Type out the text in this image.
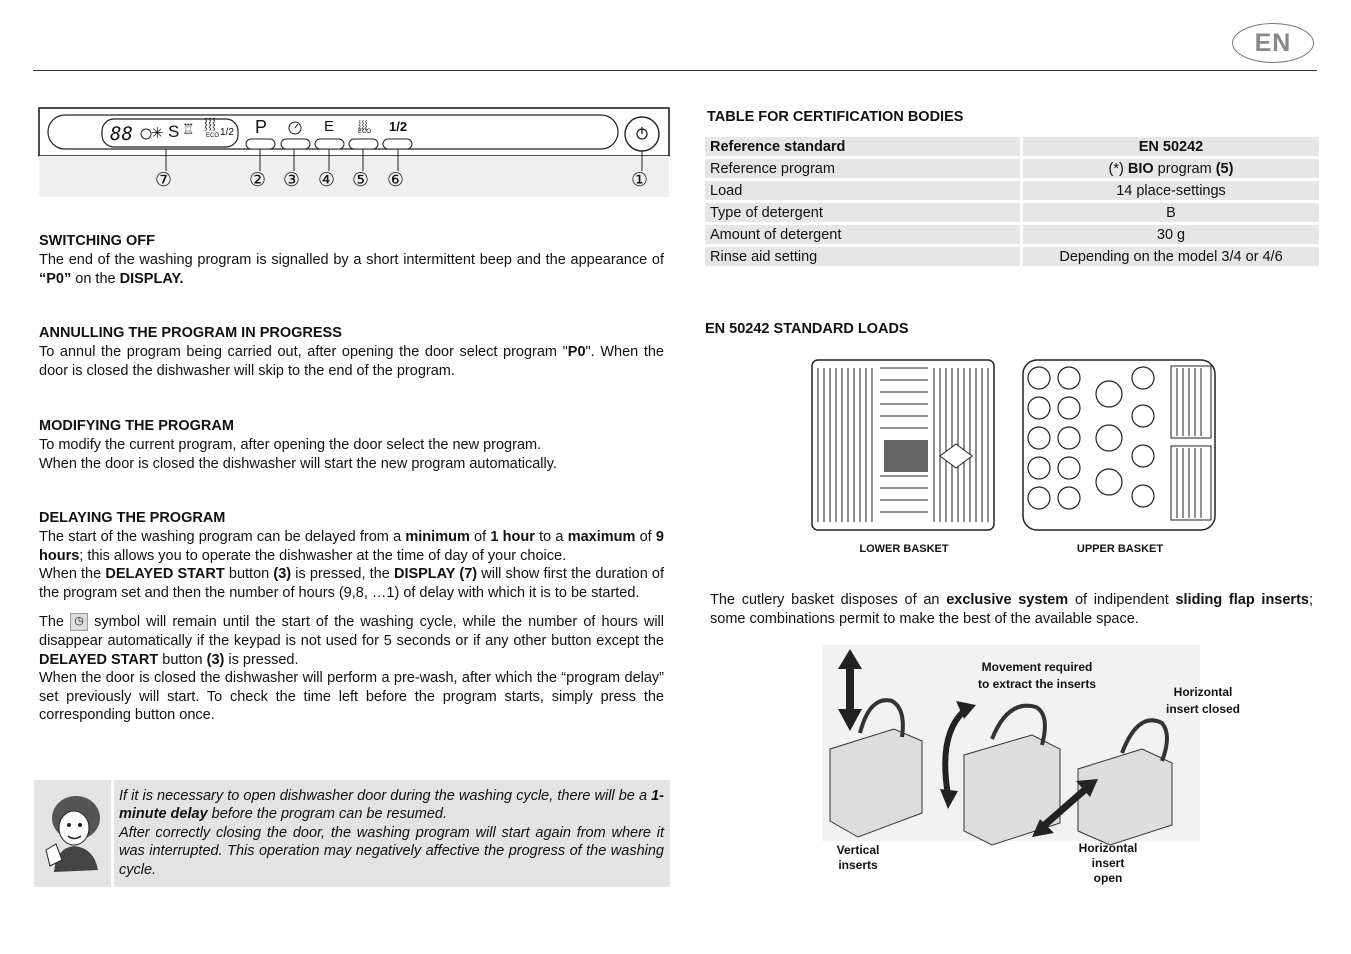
EN
88 ✳ S ♖ ⸾⸾⸾
ECO 1/2 P	E	⸾⸾⸾
ECO 1/2
⑦	② ③ ④ ⑤ ⑥	①
SWITCHING OFF
The end of the washing program is signalled by a short intermittent beep and the appearance of “P0” on the DISPLAY.
ANNULLING THE PROGRAM IN PROGRESS
To annul the program being carried out, after opening the door select program "P0". When the door is closed the dishwasher will skip to the end of the program.
MODIFYING THE PROGRAM
To modify the current program, after opening the door select the new program.
When the door is closed the dishwasher will start the new program automatically.
DELAYING THE PROGRAM
The start of the washing program can be delayed from a minimum of 1 hour to a maximum of 9 hours; this allows you to operate the dishwasher at the time of day of your choice.
When the DELAYED START button (3) is pressed, the DISPLAY (7) will show first the duration of the program set and then the number of hours (9,8, …1) of delay with which it is to be started.
The ◷ symbol will remain until the start of the washing cycle, while the number of hours will disappear automatically if the keypad is not used for 5 seconds or if any other button except the DELAYED START button (3) is pressed.
When the door is closed the dishwasher will perform a pre-wash, after which the “program delay” set previously will start. To check the time left before the program starts, simply press the corresponding button once.
If it is necessary to open dishwasher door during the washing cycle, there will be a 1-minute delay before the program can be resumed.
After correctly closing the door, the washing program will start again from where it was interrupted. This operation may negatively affective the progress of the washing cycle.
TABLE FOR CERTIFICATION BODIES
Reference standard	EN 50242
Reference program	(*) BIO program (5)
Load	14 place-settings
Type of detergent	B
Amount of detergent	30 g
Rinse aid setting	Depending on the model 3/4 or 4/6
EN 50242 STANDARD LOADS
LOWER BASKET	UPPER BASKET
The cutlery basket disposes of an exclusive system of indipendent sliding flap inserts; some combinations permit to make the best of the available space.
Movement required
to extract the inserts
Horizontal
insert closed
Vertical
inserts
Horizontal
insert
open
